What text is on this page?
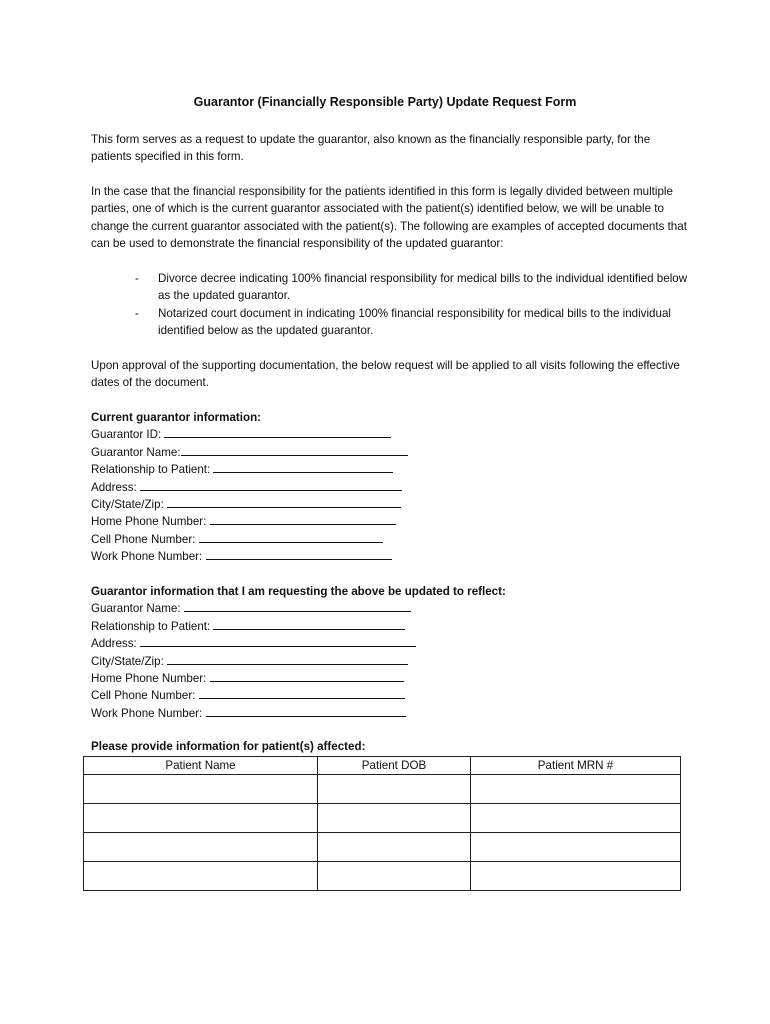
Guarantor (Financially Responsible Party) Update Request Form

This form serves as a request to update the guarantor, also known as the financially responsible party, for the patients specified in this form.

In the case that the financial responsibility for the patients identified in this form is legally divided between multiple parties, one of which is the current guarantor associated with the patient(s) identified below, we will be unable to change the current guarantor associated with the patient(s). The following are examples of accepted documents that can be used to demonstrate the financial responsibility of the updated guarantor:

- Divorce decree indicating 100% financial responsibility for medical bills to the individual identified below as the updated guarantor.
- Notarized court document in indicating 100% financial responsibility for medical bills to the individual identified below as the updated guarantor.

Upon approval of the supporting documentation, the below request will be applied to all visits following the effective dates of the document.

Current guarantor information:
Guarantor ID:
Guarantor Name:
Relationship to Patient:
Address:
City/State/Zip:
Home Phone Number:
Cell Phone Number:
Work Phone Number:
Guarantor information that I am requesting the above be updated to reflect:
Guarantor Name:
Relationship to Patient:
Address:
City/State/Zip:
Home Phone Number:
Cell Phone Number:
Work Phone Number:
Please provide information for patient(s) affected:
Patient Name	Patient DOB	Patient MRN #
